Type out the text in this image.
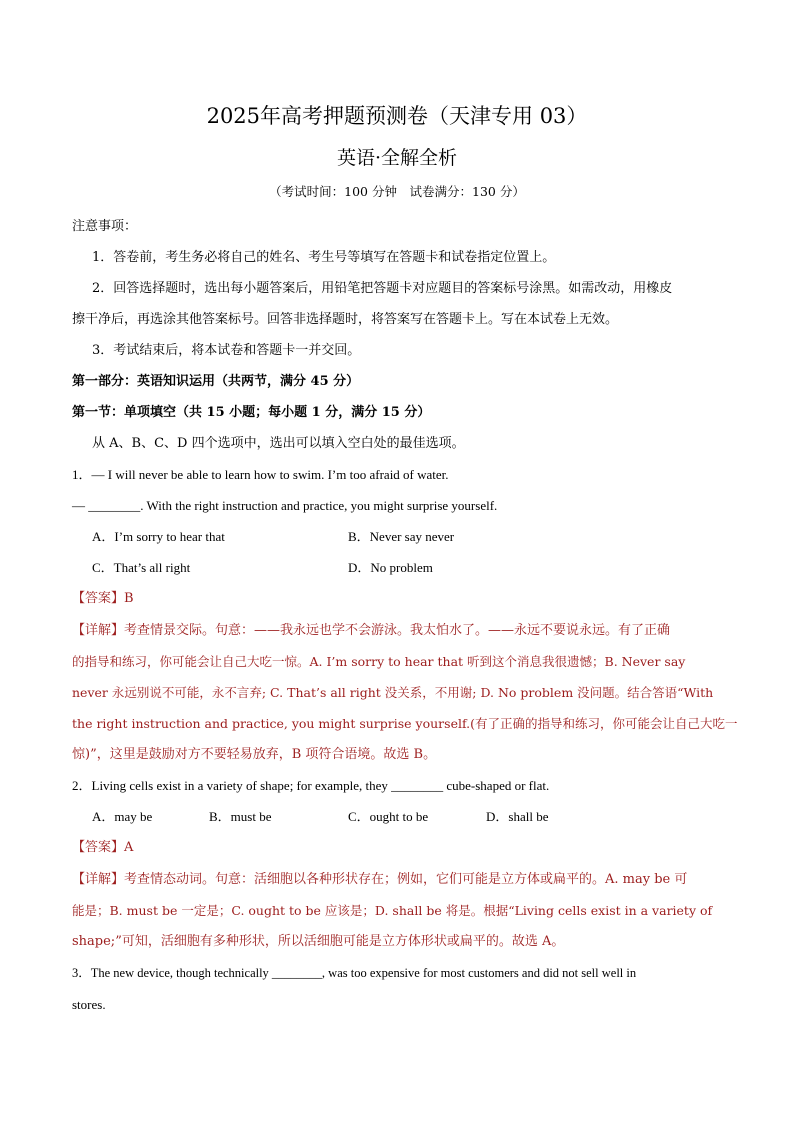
2025年高考押题预测卷（天津专用 03）
英语·全解全析
（考试时间：100 分钟　试卷满分：130 分）
注意事项：
1．答卷前，考生务必将自己的姓名、考生号等填写在答题卡和试卷指定位置上。
2．回答选择题时，选出每小题答案后，用铅笔把答题卡对应题目的答案标号涂黑。如需改动，用橡皮
擦干净后，再选涂其他答案标号。回答非选择题时，将答案写在答题卡上。写在本试卷上无效。
3．考试结束后，将本试卷和答题卡一并交回。
第一部分：英语知识运用（共两节，满分 45 分）
第一节：单项填空（共 15 小题；每小题 1 分，满分 15 分）
从 A、B、C、D 四个选项中，选出可以填入空白处的最佳选项。
1．— I will never be able to learn how to swim. I’m too afraid of water.
— ________. With the right instruction and practice, you might surprise yourself.
A．I’m sorry to hear that	B．Never say never
C．That’s all right	D．No problem
【答案】B
【详解】考查情景交际。句意：——我永远也学不会游泳。我太怕水了。——永远不要说永远。有了正确
的指导和练习，你可能会让自己大吃一惊。A. I’m sorry to hear that 听到这个消息我很遗憾；B. Never say
never 永远别说不可能，永不言弃; C. That’s all right 没关系，不用谢; D. No problem 没问题。结合答语“With
the right instruction and practice, you might surprise yourself.(有了正确的指导和练习，你可能会让自己大吃一
惊)”，这里是鼓励对方不要轻易放弃，B 项符合语境。故选 B。
2．Living cells exist in a variety of shape; for example, they ________ cube-shaped or flat.
A．may be	B．must be	C．ought to be	D．shall be
【答案】A
【详解】考查情态动词。句意：活细胞以各种形状存在；例如，它们可能是立方体或扁平的。A. may be 可
能是；B. must be 一定是；C. ought to be 应该是；D. shall be 将是。根据“Living cells exist in a variety of
shape;”可知，活细胞有多种形状，所以活细胞可能是立方体形状或扁平的。故选 A。
3．The new device, though technically ________, was too expensive for most customers and did not sell well in
stores.
